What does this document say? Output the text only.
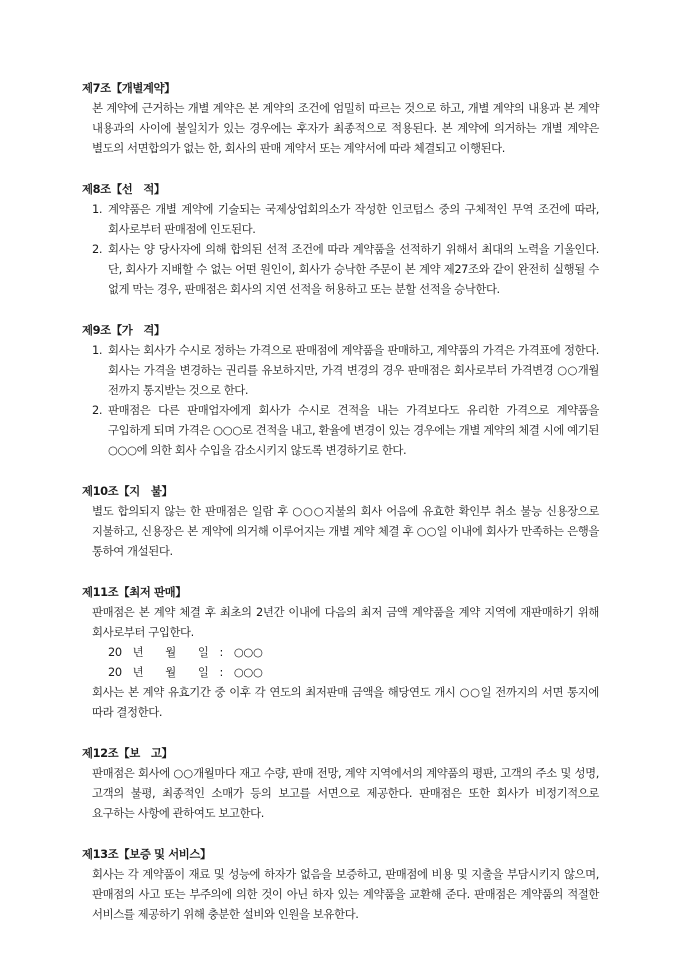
제7조【개별계약】
본 계약에 근거하는 개별 계약은 본 계약의 조건에 엄밀히 따르는 것으로 하고, 개별 계약의 내용과 본 계약 내용과의 사이에 불일치가 있는 경우에는 후자가 최종적으로 적용된다. 본 계약에 의거하는 개별 계약은 별도의 서면합의가 없는 한, 회사의 판매 계약서 또는 계약서에 따라 체결되고 이행된다.
제8조【선　적】
1. 계약품은 개별 계약에 기술되는 국제상업회의소가 작성한 인코텀스 중의 구체적인 무역 조건에 따라, 회사로부터 판매점에 인도된다.
2. 회사는 양 당사자에 의해 합의된 선적 조건에 따라 계약품을 선적하기 위해서 최대의 노력을 기울인다. 단, 회사가 지배할 수 없는 어떤 원인이, 회사가 승낙한 주문이 본 계약 제27조와 같이 완전히 실행될 수 없게 막는 경우, 판매점은 회사의 지연 선적을 허용하고 또는 분할 선적을 승낙한다.
제9조【가　격】
1. 회사는 회사가 수시로 정하는 가격으로 판매점에 계약품을 판매하고, 계약품의 가격은 가격표에 정한다. 회사는 가격을 변경하는 권리를 유보하지만, 가격 변경의 경우 판매점은 회사로부터 가격변경 ○○개월 전까지 통지받는 것으로 한다.
2. 판매점은 다른 판매업자에게 회사가 수시로 견적을 내는 가격보다도 유리한 가격으로 계약품을 구입하게 되며 가격은 ○○○로 견적을 내고, 환율에 변경이 있는 경우에는 개별 계약의 체결 시에 예기된 ○○○에 의한 회사 수입을 감소시키지 않도록 변경하기로 한다.
제10조【지　불】
별도 합의되지 않는 한 판매점은 일람 후 ○○○지불의 회사 어음에 유효한 확인부 취소 불능 신용장으로 지불하고, 신용장은 본 계약에 의거해 이루어지는 개별 계약 체결 후 ○○일 이내에 회사가 만족하는 은행을 통하여 개설된다.
제11조【최저 판매】
판매점은 본 계약 체결 후 최초의 2년간 이내에 다음의 최저 금액 계약품을 계약 지역에 재판매하기 위해 회사로부터 구입한다.
20　년　　월　　일　:　○○○
20　년　　월　　일　:　○○○
회사는 본 계약 유효기간 중 이후 각 연도의 최저판매 금액을 해당연도 개시 ○○일 전까지의 서면 통지에 따라 결정한다.
제12조【보　고】
판매점은 회사에 ○○개월마다 재고 수량, 판매 전망, 계약 지역에서의 계약품의 평판, 고객의 주소 및 성명, 고객의 불평, 최종적인 소매가 등의 보고를 서면으로 제공한다. 판매점은 또한 회사가 비정기적으로 요구하는 사항에 관하여도 보고한다.
제13조【보증 및 서비스】
회사는 각 계약품이 재료 및 성능에 하자가 없음을 보증하고, 판매점에 비용 및 지출을 부담시키지 않으며, 판매점의 사고 또는 부주의에 의한 것이 아닌 하자 있는 계약품을 교환해 준다. 판매점은 계약품의 적절한 서비스를 제공하기 위해 충분한 설비와 인원을 보유한다.
